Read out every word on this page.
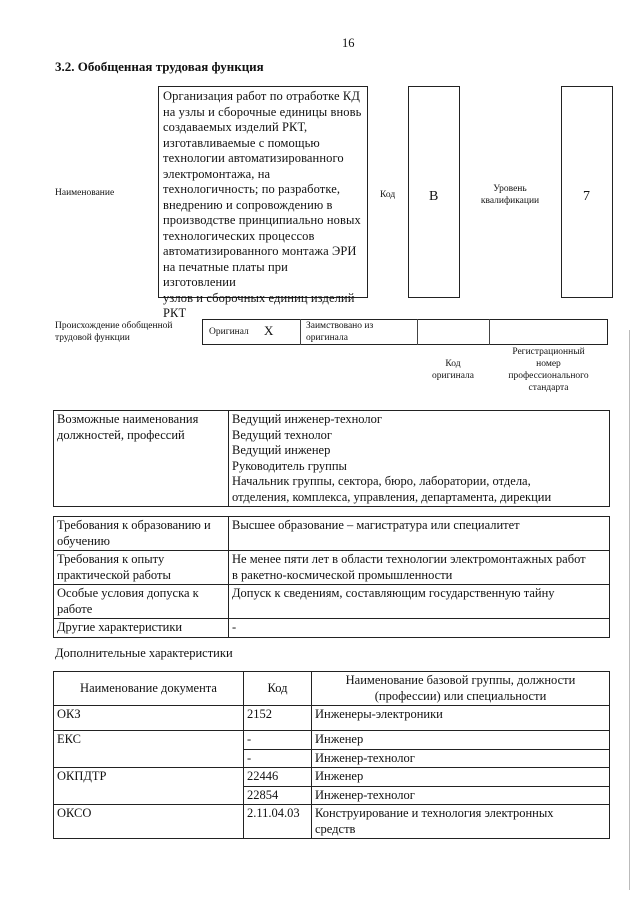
16
3.2. Обобщенная трудовая функция
Наименование
Организация работ по отработке КД
на узлы и сборочные единицы вновь
создаваемых изделий РКТ,
изготавливаемые с помощью
технологии автоматизированного
электромонтажа, на
технологичность; по разработке,
внедрению и сопровождению в
производстве принципиально новых
технологических процессов
автоматизированного монтажа ЭРИ
на печатные платы при изготовлении
узлов и сборочных единиц изделий
РКТ
Код B	Уровень
квалификации	7
Происхождение обобщенной
трудовой функции
Оригинал X	Заимствовано из
оригинала
Код
оригинала
Регистрационный
номер
профессионального
стандарта
Возможные наименования
должностей, профессий

Ведущий инженер-технолог
Ведущий технолог
Ведущий инженер
Руководитель группы
Начальник группы, сектора, бюро, лаборатории, отдела,
отделения, комплекса, управления, департамента, дирекции
Требования к образованию и
обучению	Высшее образование – магистратура или специалитет

Требования к опыту
практической работы	Не менее пяти лет в области технологии электромонтажных работ
в ракетно-космической промышленности

Особые условия допуска к
работе	Допуск к сведениям, составляющим государственную тайну

Другие характеристики	-
Дополнительные характеристики
Наименование документа	Код	Наименование базовой группы, должности
(профессии) или специальности

ОКЗ	2152	Инженеры-электроники
ЕКС	-	Инженер
	-	Инженер-технолог
ОКПДТР	22446	Инженер
	22854	Инженер-технолог
ОКСО	2.11.04.03	Конструирование и технология электронных
средств
